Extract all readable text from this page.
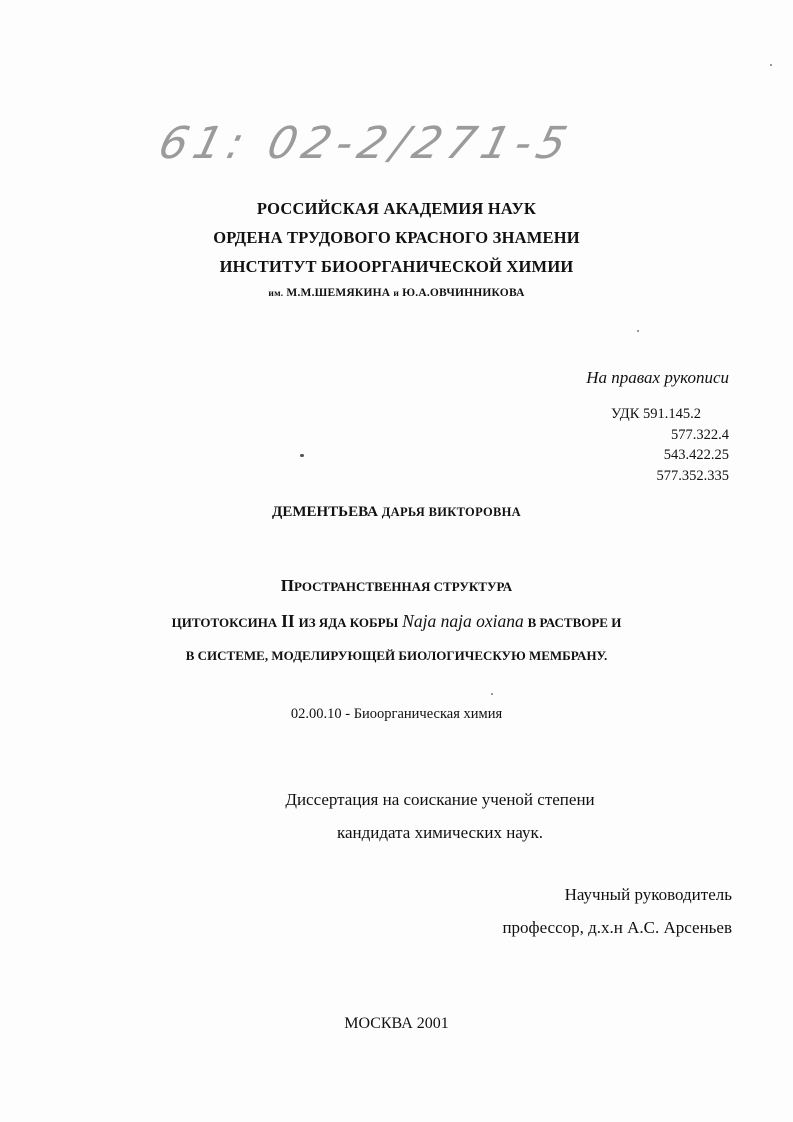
61: 02-2/271-5
РОССИЙСКАЯ АКАДЕМИЯ НАУК
ОРДЕНА ТРУДОВОГО КРАСНОГО ЗНАМЕНИ
ИНСТИТУТ БИООРГАНИЧЕСКОЙ ХИМИИ
им. М.М.ШЕМЯКИНА и Ю.А.ОВЧИННИКОВА
На правах рукописи
УДК 591.145.2
577.322.4
543.422.25
577.352.335
ДЕМЕНТЬЕВА ДАРЬЯ ВИКТОРОВНА
ПРОСТРАНСТВЕННАЯ СТРУКТУРА
ЦИТОТОКСИНА II ИЗ ЯДА КОБРЫ Naja naja oxiana В РАСТВОРЕ И
В СИСТЕМЕ, МОДЕЛИРУЮЩЕЙ БИОЛОГИЧЕСКУЮ МЕМБРАНУ.
02.00.10 - Биоорганическая химия
Диссертация на соискание ученой степени
кандидата химических наук.
Научный руководитель
профессор, д.х.н А.С. Арсеньев
МОСКВА 2001
